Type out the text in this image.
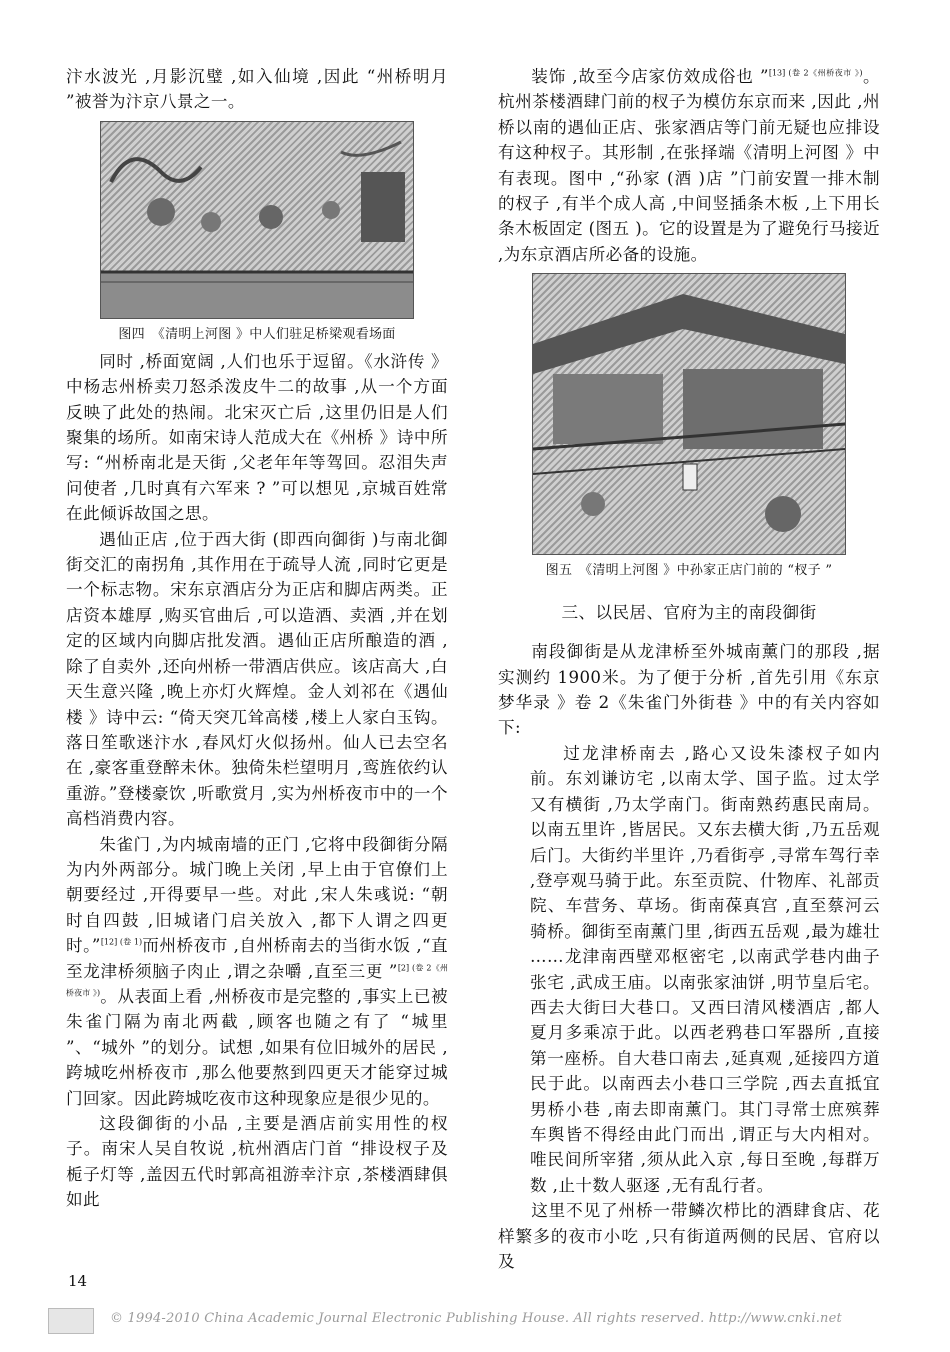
汴水波光 ,月影沉璧 ,如入仙境 ,因此 “州桥明月 ”被誉为汴京八景之一。

图四　《清明上河图 》中人们驻足桥梁观看场面

同时 ,桥面宽阔 ,人们也乐于逗留。《水浒传 》中杨志州桥卖刀怒杀泼皮牛二的故事 ,从一个方面反映了此处的热闹。北宋灭亡后 ,这里仍旧是人们聚集的场所。如南宋诗人范成大在《州桥 》诗中所写: “州桥南北是天街 ,父老年年等驾回。忍泪失声问使者 ,几时真有六军来 ? ”可以想见 ,京城百姓常在此倾诉故国之思。

遇仙正店 ,位于西大街 (即西向御街 )与南北御街交汇的南拐角 ,其作用在于疏导人流 ,同时它更是一个标志物。宋东京酒店分为正店和脚店两类。正店资本雄厚 ,购买官曲后 ,可以造酒、卖酒 ,并在划定的区域内向脚店批发酒。遇仙正店所酿造的酒 ,除了自卖外 ,还向州桥一带酒店供应。该店高大 ,白天生意兴隆 ,晚上亦灯火辉煌。金人刘祁在《遇仙楼 》诗中云: “倚天突兀耸高楼 ,楼上人家白玉钩。落日笙歌迷汴水 ,春风灯火似扬州。仙人已去空名在 ,豪客重登醉未休。独倚朱栏望明月 ,鸾旌依约认重游。”登楼豪饮 ,听歌赏月 ,实为州桥夜市中的一个高档消费内容。

朱雀门 ,为内城南墙的正门 ,它将中段御街分隔为内外两部分。城门晚上关闭 ,早上由于官僚们上朝要经过 ,开得要早一些。对此 ,宋人朱彧说: “朝时自四鼓 ,旧城诸门启关放入 ,都下人谓之四更时。”$^{[12] (卷 1)}$而州桥夜市 ,自州桥南去的当街水饭 ,“直至龙津桥须脑子肉止 ,谓之杂嚼 ,直至三更 ”$^{[2] (卷 2《州桥夜市 》)}$。从表面上看 ,州桥夜市是完整的 ,事实上已被朱雀门隔为南北两截 ,顾客也随之有了 “城里 ”、“城外 ”的划分。试想 ,如果有位旧城外的居民 ,跨城吃州桥夜市 ,那么他要熬到四更天才能穿过城门回家。因此跨城吃夜市这种现象应是很少见的。

这段御街的小品 ,主要是酒店前实用性的杈子。南宋人吴自牧说 ,杭州酒店门首 “排设杈子及栀子灯等 ,盖因五代时郭高祖游幸汴京 ,茶楼酒肆俱如此

装饰 ,故至今店家仿效成俗也 ”$^{[13] (卷 2《州桥夜市 》)}$。杭州茶楼酒肆门前的杈子为模仿东京而来 ,因此 ,州桥以南的遇仙正店、张家酒店等门前无疑也应排设有这种杈子。其形制 ,在张择端《清明上河图 》中有表现。图中 ,“孙家 (酒 )店 ”门前安置一排木制的杈子 ,有半个成人高 ,中间竖插条木板 ,上下用长条木板固定 (图五 )。它的设置是为了避免行马接近 ,为东京酒店所必备的设施。

图五　《清明上河图 》中孙家正店门前的 “杈子 ”
三、以民居、官府为主的南段御街

南段御街是从龙津桥至外城南薰门的那段 ,据实测约 1900米。为了便于分析 ,首先引用《东京梦华录 》卷 2《朱雀门外街巷 》中的有关内容如下:

过龙津桥南去 ,路心又设朱漆杈子如内前。东刘谦访宅 ,以南太学、国子监。过太学又有横街 ,乃太学南门。街南熟药惠民南局。以南五里许 ,皆居民。又东去横大街 ,乃五岳观后门。大街约半里许 ,乃看街亭 ,寻常车驾行幸 ,登亭观马骑于此。东至贡院、什物库、礼部贡院、车营务、草场。街南葆真宫 ,直至蔡河云骑桥。御街至南薰门里 ,街西五岳观 ,最为雄壮 ……龙津南西壁邓枢密宅 ,以南武学巷内曲子张宅 ,武成王庙。以南张家油饼 ,明节皇后宅。西去大街曰大巷口。又西曰清风楼酒店 ,都人夏月多乘凉于此。以西老鸦巷口军器所 ,直接第一座桥。自大巷口南去 ,延真观 ,延接四方道民于此。以南西去小巷口三学院 ,西去直抵宜男桥小巷 ,南去即南薰门。其门寻常士庶殡葬车舆皆不得经由此门而出 ,谓正与大内相对。唯民间所宰猪 ,须从此入京 ,每日至晚 ,每群万数 ,止十数人驱逐 ,无有乱行者。

这里不见了州桥一带鳞次栉比的酒肆食店、花样繁多的夜市小吃 ,只有街道两侧的民居、官府以及

14
© 1994-2010 China Academic Journal Electronic Publishing House. All rights reserved. http://www.cnki.net
